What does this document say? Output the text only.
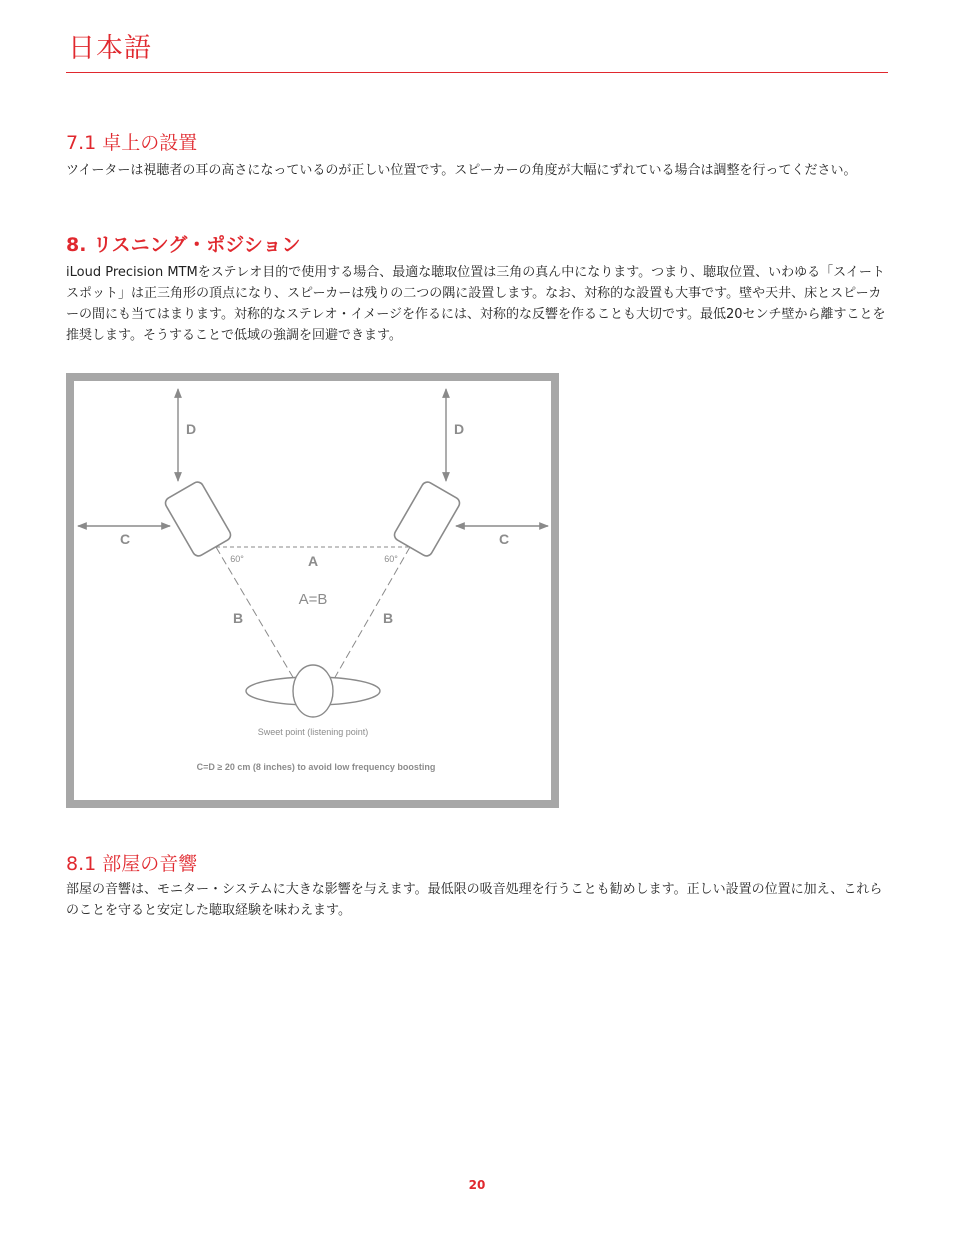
日本語
7.1 卓上の設置
ツイーターは視聴者の耳の高さになっているのが正しい位置です。スピーカーの角度が大幅にずれている場合は調整を行ってください。
8. リスニング・ポジション
iLoud Precision MTMをステレオ目的で使用する場合、最適な聴取位置は三角の真ん中になります。つまり、聴取位置、いわゆる「スイートスポット」は正三角形の頂点になり、スピーカーは残りの二つの隅に設置します。なお、対称的な設置も大事です。壁や天井、床とスピーカーの間にも当てはまります。対称的なステレオ・イメージを作るには、対称的な反響を作ることも大切です。最低20センチ壁から離すことを推奨します。そうすることで低域の強調を回避できます。
D	D
C	C
60°	60°
A
A=B
B	B
Sweet point (listening point)
C=D ≥ 20 cm (8 inches) to avoid low frequency boosting
8.1 部屋の音響
部屋の音響は、モニター・システムに大きな影響を与えます。最低限の吸音処理を行うことも勧めします。正しい設置の位置に加え、これらのことを守ると安定した聴取経験を味わえます。
20
